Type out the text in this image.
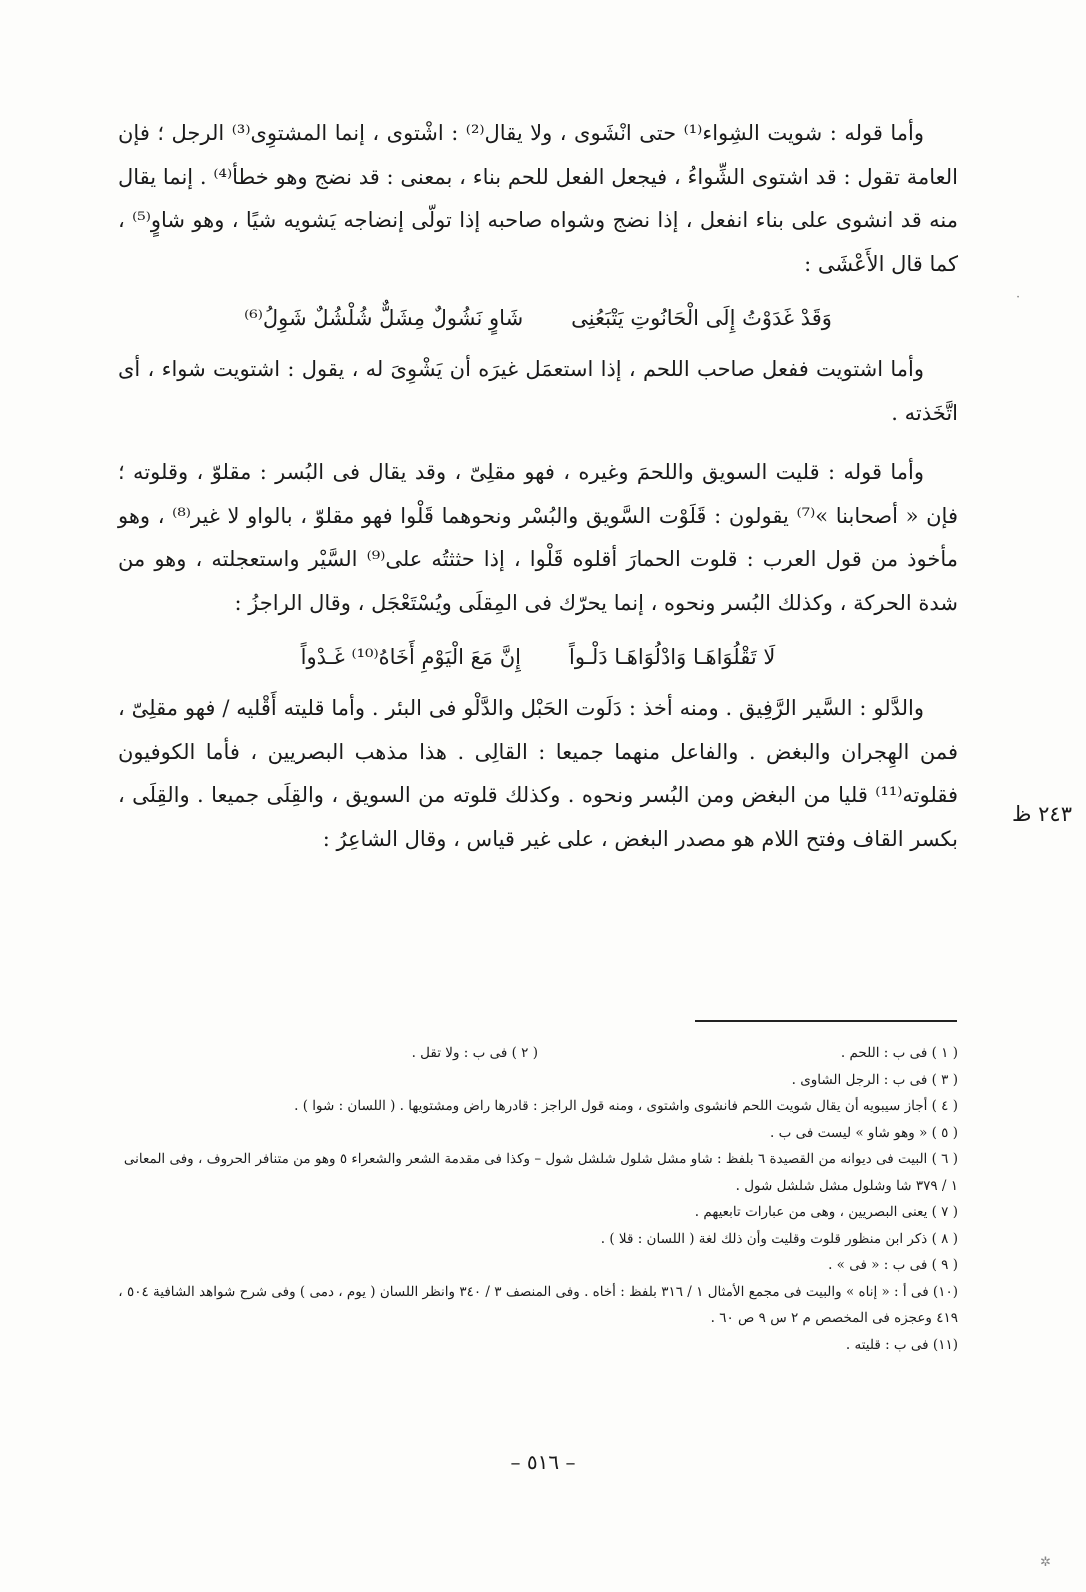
وأما قوله : شويت الشِواء⁽¹⁾ حتى انْشَوى ، ولا يقال⁽²⁾ : اشْتوى ، إنما المشتوِى⁽³⁾ الرجل ؛ فإن العامة تقول : قد اشتوى الشِّواءُ ، فيجعل الفعل للحم بناء ، بمعنى : قد نضج وهو خطأ⁽⁴⁾ . إنما يقال منه قد انشوى على بناء انفعل ، إذا نضج وشواه صاحبه إذا تولّى إنضاجه يَشويه شيًا ، وهو شاوٍ⁽⁵⁾ ، كما قال الأَعْشَى :

وَقَدْ غَدَوْتُ إِلَى الْحَانُوتِ يَتْبَعُنِى
شَاوٍ نَشُولٌ مِشَلٌّ شُلْشُلٌ شَوِلُ⁽⁶⁾

وأما اشتويت ففعل صاحب اللحم ، إذا استعمَل غيرَه أن يَشْوِىَ له ، يقول : اشتويت شواء ، أى اتَّخَذته .

وأما قوله : قليت السويق واللحمَ وغيره ، فهو مقلِىّ ، وقد يقال فى البُسر : مقلوّ ، وقلوته ؛ فإن « أصحابنا »⁽⁷⁾ يقولون : قَلَوْت السَّويق والبُسْر ونحوهما قَلْوا فهو مقلوّ ، بالواو لا غير⁽⁸⁾ ، وهو مأخوذ من قول العرب : قلوت الحمارَ أقلوه قَلْوا ، إذا حثثتُه على⁽⁹⁾ السَّيْر واستعجلته ، وهو من شدة الحركة ، وكذلك البُسر ونحوه ، إنما يحرّك فى المِقلَى ويُسْتَعْجَل ، وقال الراجزُ :

لَا تَقْلُوَاهَـا وَادْلُوَاهَـا دَلْـواً
إِنَّ مَعَ الْيَوْمِ أَخَاهُ⁽¹⁰⁾ غَـدْواً

والدَّلو : السَّير الرَّفِيق . ومنه أخذ : دَلَوت الحَبْل والدَّلْو فى البئر . وأما قليته أَقْليه / فهو مقلِىّ ، فمن الهِجران والبغض . والفاعل منهما جميعا : القالِى . هذا مذهب البصريين ، فأما الكوفيون فقلوته⁽¹¹⁾ قليا من البغض ومن البُسر ونحوه . وكذلك قلوته من السويق ، والقِلَى جميعا . والقِلَى ، بكسر القاف وفتح اللام هو مصدر البغض ، على غير قياس ، وقال الشاعِرُ :

٢٤٣ ظ
( ١ ) فى ب : اللحم .
( ٢ ) فى ب : ولا تقل .
( ٣ ) فى ب : الرجل الشاوى .
( ٤ ) أجاز سيبويه أن يقال شويت اللحم فانشوى واشتوى ، ومنه قول الراجز : قادرها راض ومشتويها . ( اللسان : شوا ) .
( ٥ ) « وهو شاو » ليست فى ب .
( ٦ ) البيت فى ديوانه من القصيدة ٦ بلفظ : شاو مشل شلول شلشل شول – وكذا فى مقدمة الشعر والشعراء ٥ وهو من متنافر الحروف ، وفى المعانى ١ / ٣٧٩ شا وشلول مشل شلشل شول .
( ٧ ) يعنى البصريين ، وهى من عبارات تابعيهم .
( ٨ ) ذكر ابن منظور قلوت وقليت وأن ذلك لغة ( اللسان : قلا ) .
( ٩ ) فى ب : « فى » .
(١٠) فى أ : « إناه » والبيت فى مجمع الأمثال ١ / ٣١٦ بلفظ : أخاه . وفى المنصف ٣ / ٣٤٠ وانظر اللسان ( يوم ، دمى ) وفى شرح شواهد الشافية ٥٠٤ ، ٤١٩ وعجزه فى المخصص م ٢ س ٩ ص ٦٠ .
(١١) فى ب : قليته .
– ٥١٦ –
·
✲
